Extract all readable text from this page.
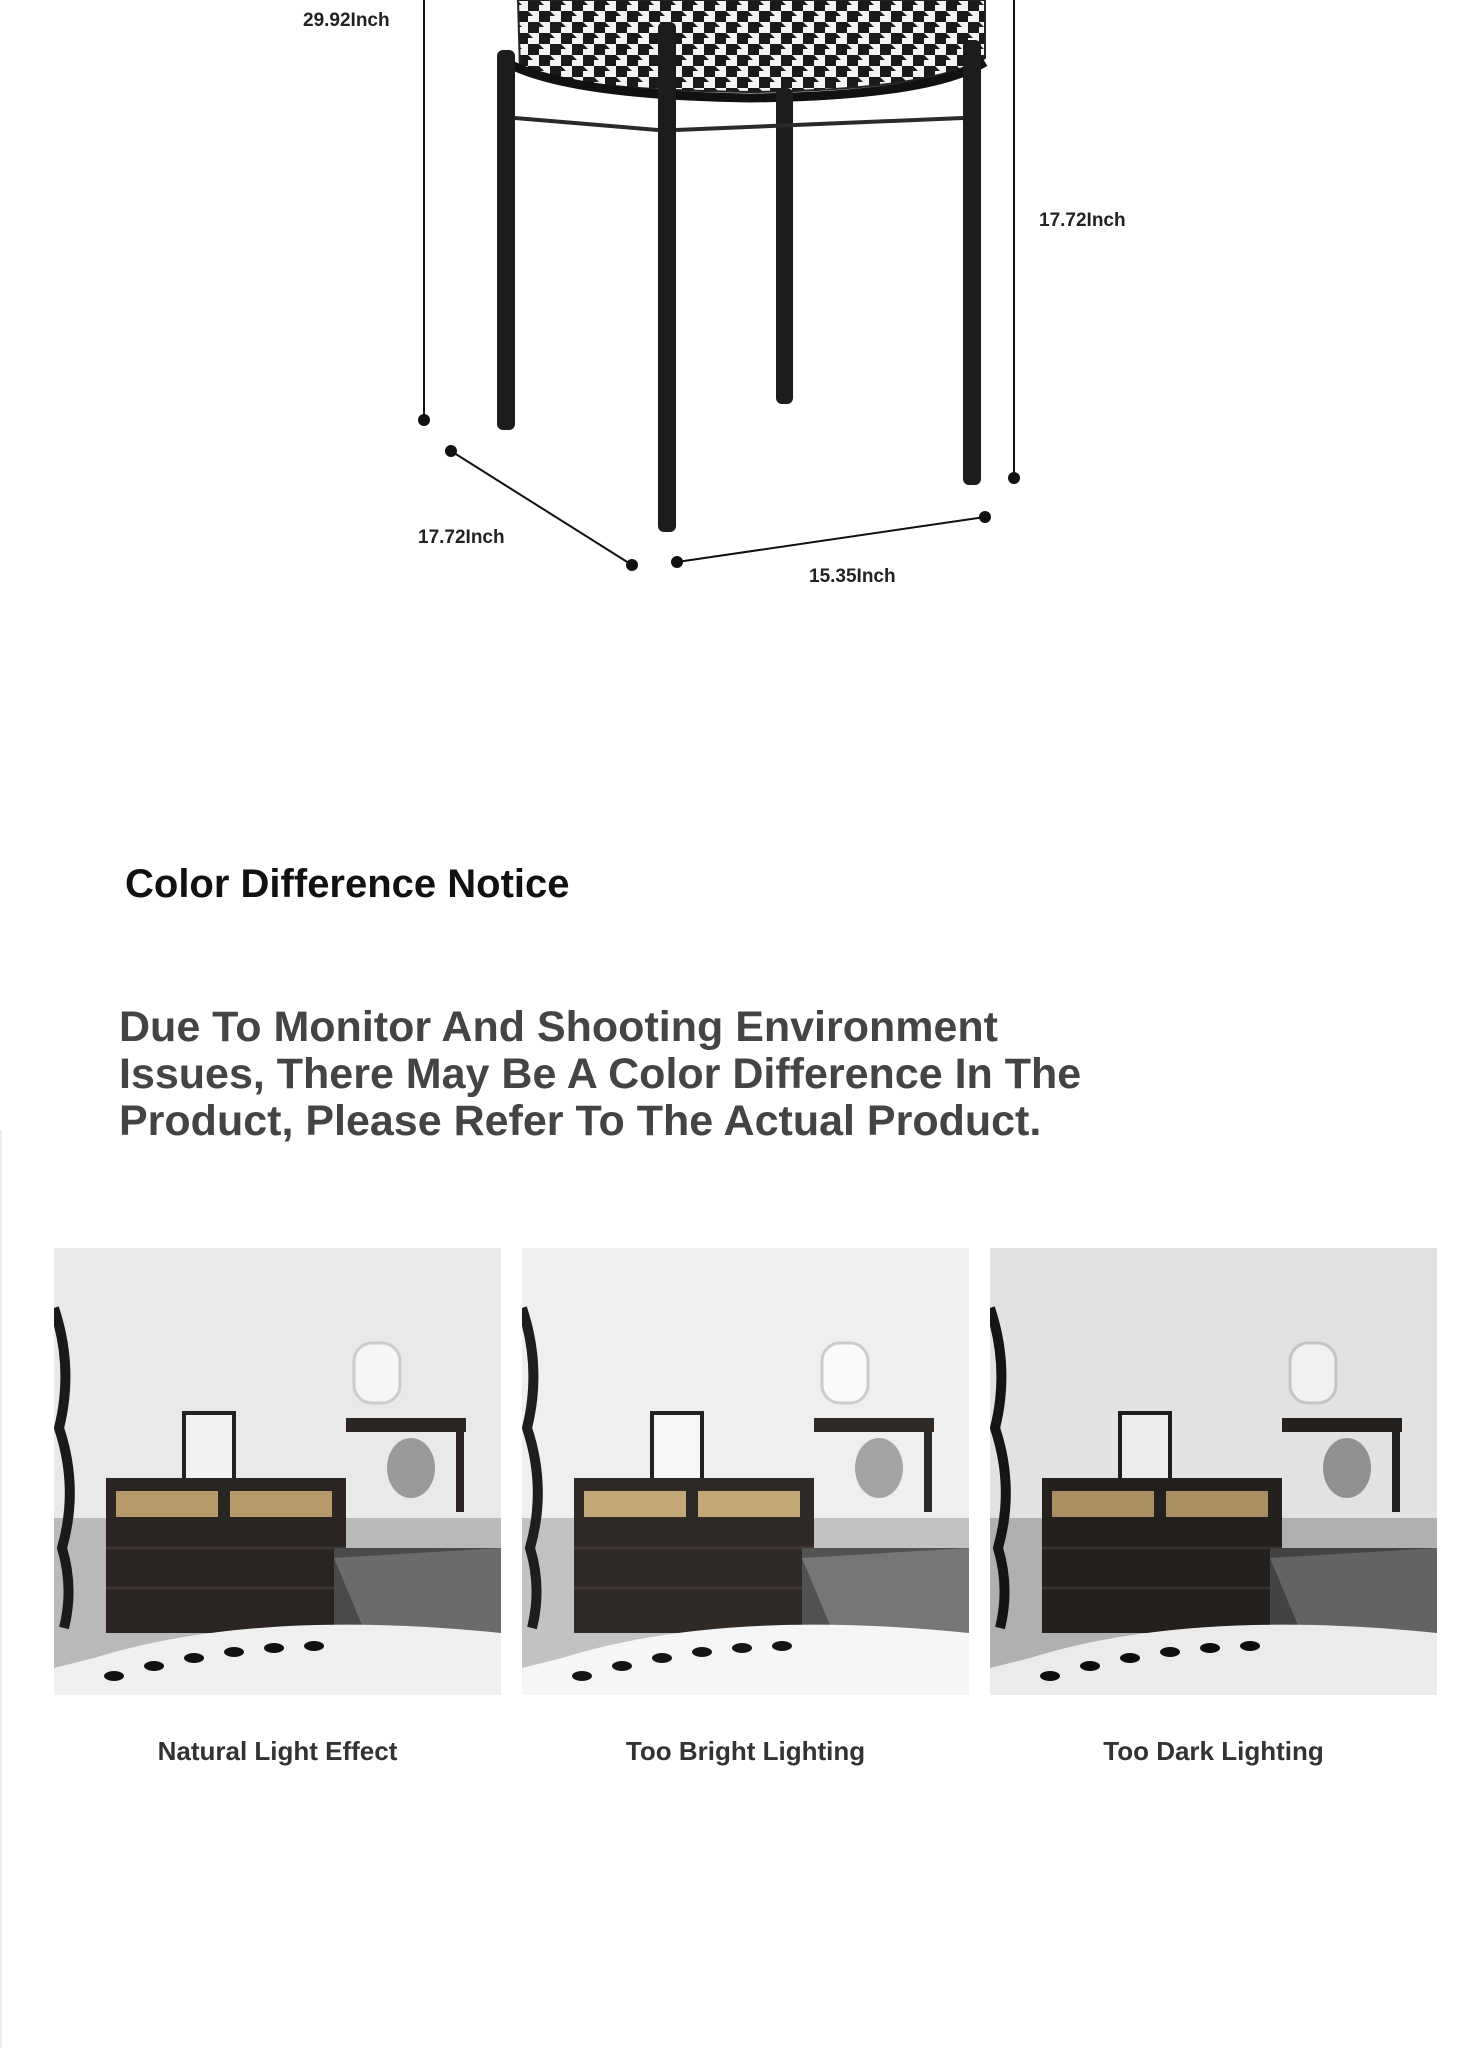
29.92Inch
17.72Inch
17.72Inch
15.35Inch
Color Difference Notice
Due To Monitor And Shooting Environment
Issues, There May Be A Color Difference In The
Product, Please Refer To The Actual Product.
Natural Light Effect	Too Bright Lighting	Too Dark Lighting
